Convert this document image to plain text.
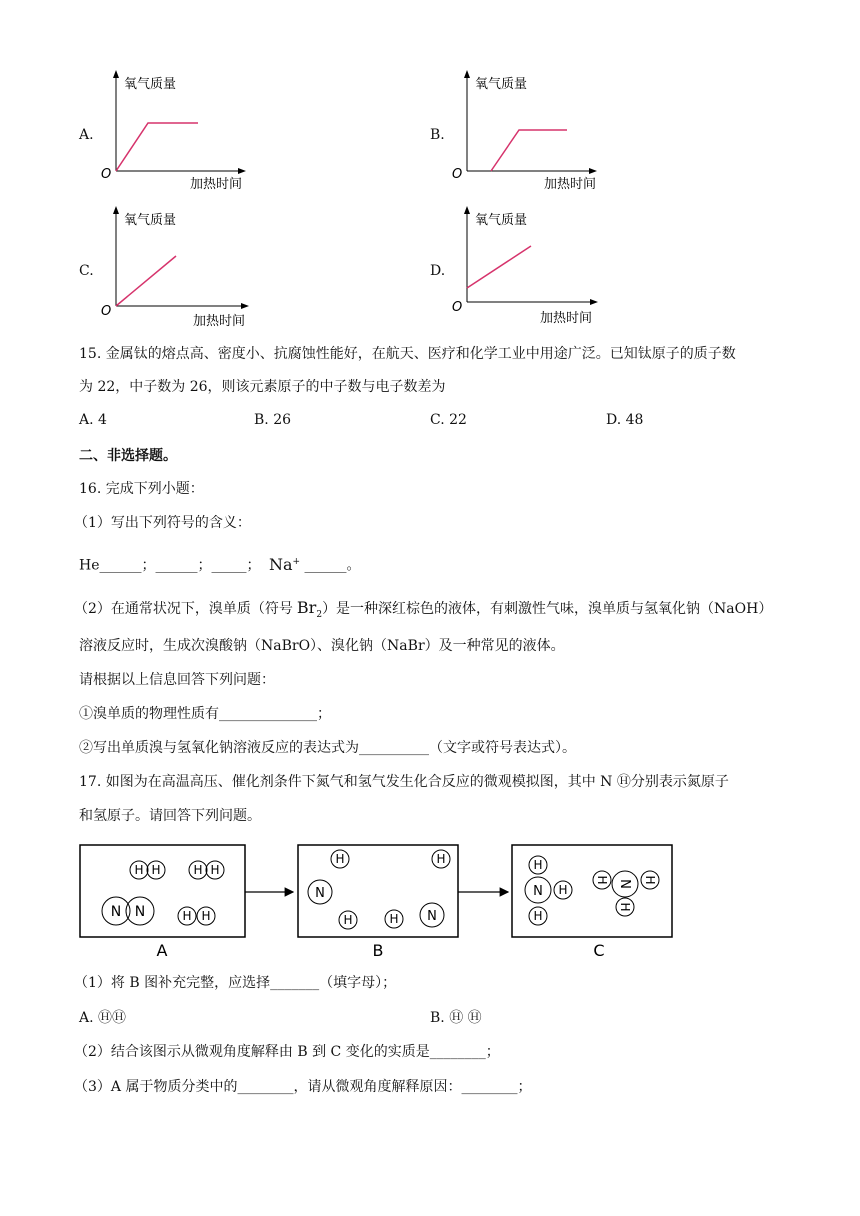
A.
氧气质量
加热时间
O
B.
氧气质量
加热时间
O
C.
氧气质量
加热时间
O
D.
氧气质量
加热时间
O
15. 金属钛的熔点高、密度小、抗腐蚀性能好，在航天、医疗和化学工业中用途广泛。已知钛原子的质子数
为 22，中子数为 26，则该元素原子的中子数与电子数差为
A. 4	B. 26	C. 22	D. 48
二、非选择题。
16. 完成下列小题：
（1）写出下列符号的含义：
He______；______；_____； Na+ ______。
（2）在通常状况下，溴单质（符号 $Br_2$）是一种深红棕色的液体，有刺激性气味，溴单质与氢氧化钠（NaOH）
溶液反应时，生成次溴酸钠（NaBrO）、溴化钠（NaBr）及一种常见的液体。
请根据以上信息回答下列问题：
①溴单质的物理性质有______________；
②写出单质溴与氢氧化钠溶液反应的表达式为__________（文字或符号表达式）。
17. 如图为在高温高压、催化剂条件下氮气和氢气发生化合反应的微观模拟图，其中 N Ⓗ分别表示氮原子
和氢原子。请回答下列问题。
H H	H H
N N	H H
A
H	H
N
H	H N
B
H
N H
H
N
H	H
H
C
（1）将 B 图补充完整，应选择_______（填字母）；
A. ⒽⒽ	B. Ⓗ Ⓗ
（2）结合该图示从微观角度解释由 B 到 C 变化的实质是________；
（3）A 属于物质分类中的________，请从微观角度解释原因：________；
